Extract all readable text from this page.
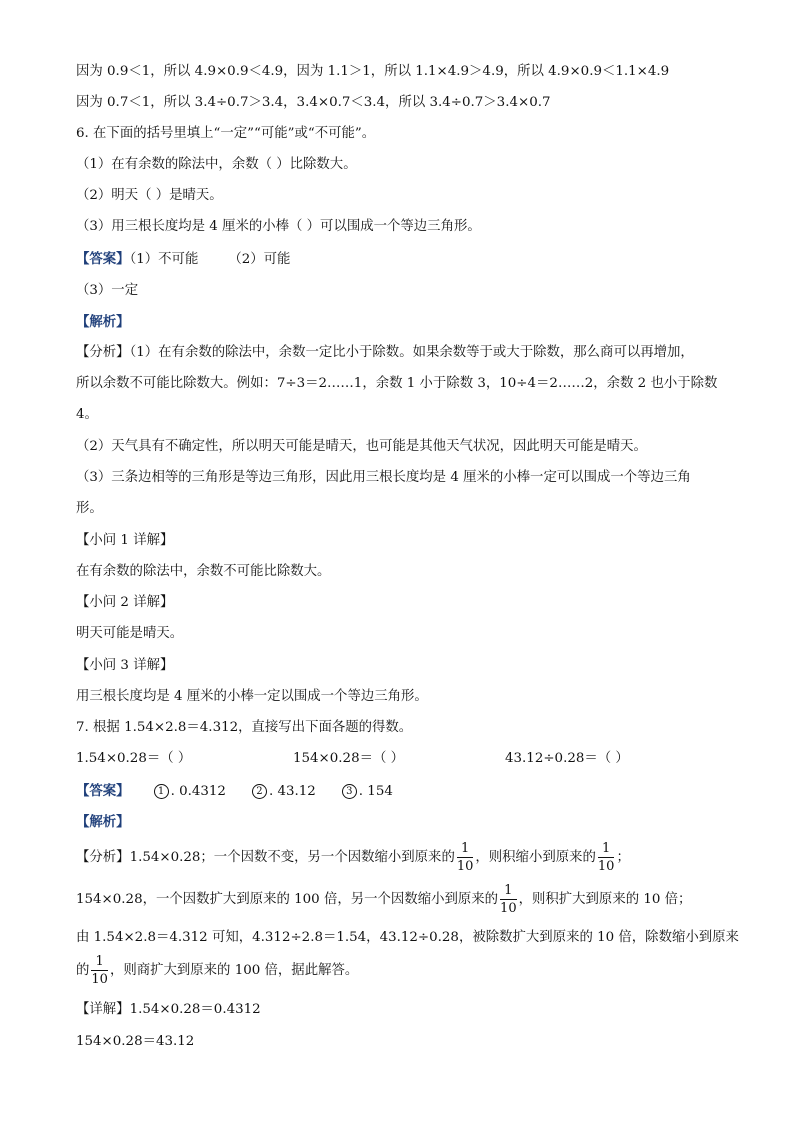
因为 0.9＜1，所以 4.9×0.9＜4.9，因为 1.1＞1，所以 1.1×4.9＞4.9，所以 4.9×0.9＜1.1×4.9
因为 0.7＜1，所以 3.4÷0.7＞3.4，3.4×0.7＜3.4，所以 3.4÷0.7＞3.4×0.7
6. 在下面的括号里填上“一定”“可能”或“不可能”。
（1）在有余数的除法中，余数（ ）比除数大。
（2）明天（ ）是晴天。
（3）用三根长度均是 4 厘米的小棒（ ）可以围成一个等边三角形。
【答案】（1）不可能 （2）可能
（3）一定
【解析】
【分析】（1）在有余数的除法中，余数一定比小于除数。如果余数等于或大于除数，那么商可以再增加，
所以余数不可能比除数大。例如：7÷3＝2……1，余数 1 小于除数 3，10÷4＝2……2，余数 2 也小于除数
4。
（2）天气具有不确定性，所以明天可能是晴天，也可能是其他天气状况，因此明天可能是晴天。
（3）三条边相等的三角形是等边三角形，因此用三根长度均是 4 厘米的小棒一定可以围成一个等边三角
形。
【小问 1 详解】
在有余数的除法中，余数不可能比除数大。
【小问 2 详解】
明天可能是晴天。
【小问 3 详解】
用三根长度均是 4 厘米的小棒一定以围成一个等边三角形。
7. 根据 1.54×2.8＝4.312，直接写出下面各题的得数。
1.54×0.28＝（ ）	154×0.28＝（ ）	43.12÷0.28＝（ ）
【答案】	1 . 0.4312	2 . 43.12	3 . 154
【解析】
【分析】1.54×0.28；一个因数不变，另一个因数缩小到原来的 $\frac{1}{10}$ ，则积缩小到原来的 $\frac{1}{10}$ ；
154×0.28，一个因数扩大到原来的 100 倍，另一个因数缩小到原来的 $\frac{1}{10}$ ，则积扩大到原来的 10 倍；
由 1.54×2.8＝4.312 可知，4.312÷2.8＝1.54，43.12÷0.28，被除数扩大到原来的 10 倍，除数缩小到原来
的 $\frac{1}{10}$ ，则商扩大到原来的 100 倍，据此解答。
【详解】1.54×0.28＝0.4312
154×0.28＝43.12
